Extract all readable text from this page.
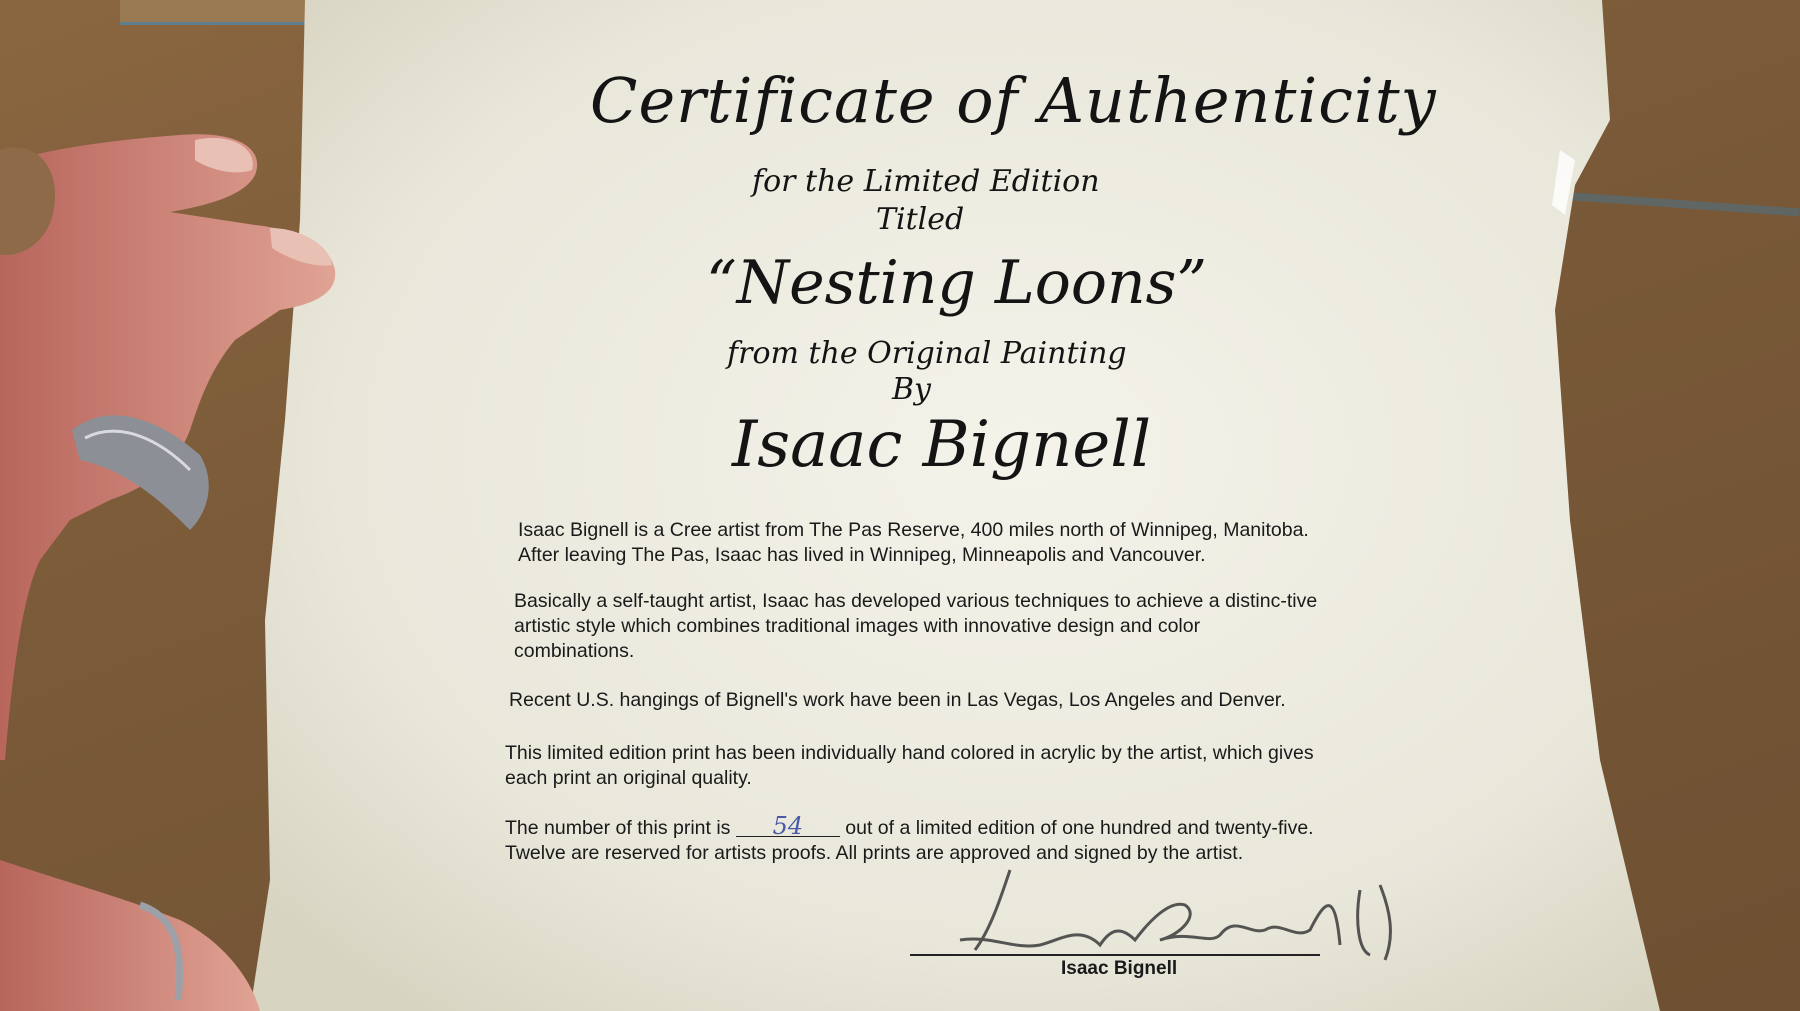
Certificate of Authenticity
for the Limited Edition
Titled
“Nesting Loons”
from the Original Painting
By
Isaac Bignell
Isaac Bignell is a Cree artist from The Pas Reserve, 400 miles north of Winnipeg, Manitoba. After leaving The Pas, Isaac has lived in Winnipeg, Minneapolis and Vancouver.
Basically a self-taught artist, Isaac has developed various techniques to achieve a distinc-tive artistic style which combines traditional images with innovative design and color combinations.
Recent U.S. hangings of Bignell's work have been in Las Vegas, Los Angeles and Denver.
This limited edition print has been individually hand colored in acrylic by the artist, which gives each print an original quality.
The number of this print is 54 out of a limited edition of one hundred and twenty-five. Twelve are reserved for artists proofs. All prints are approved and signed by the artist.
Isaac Bignell
